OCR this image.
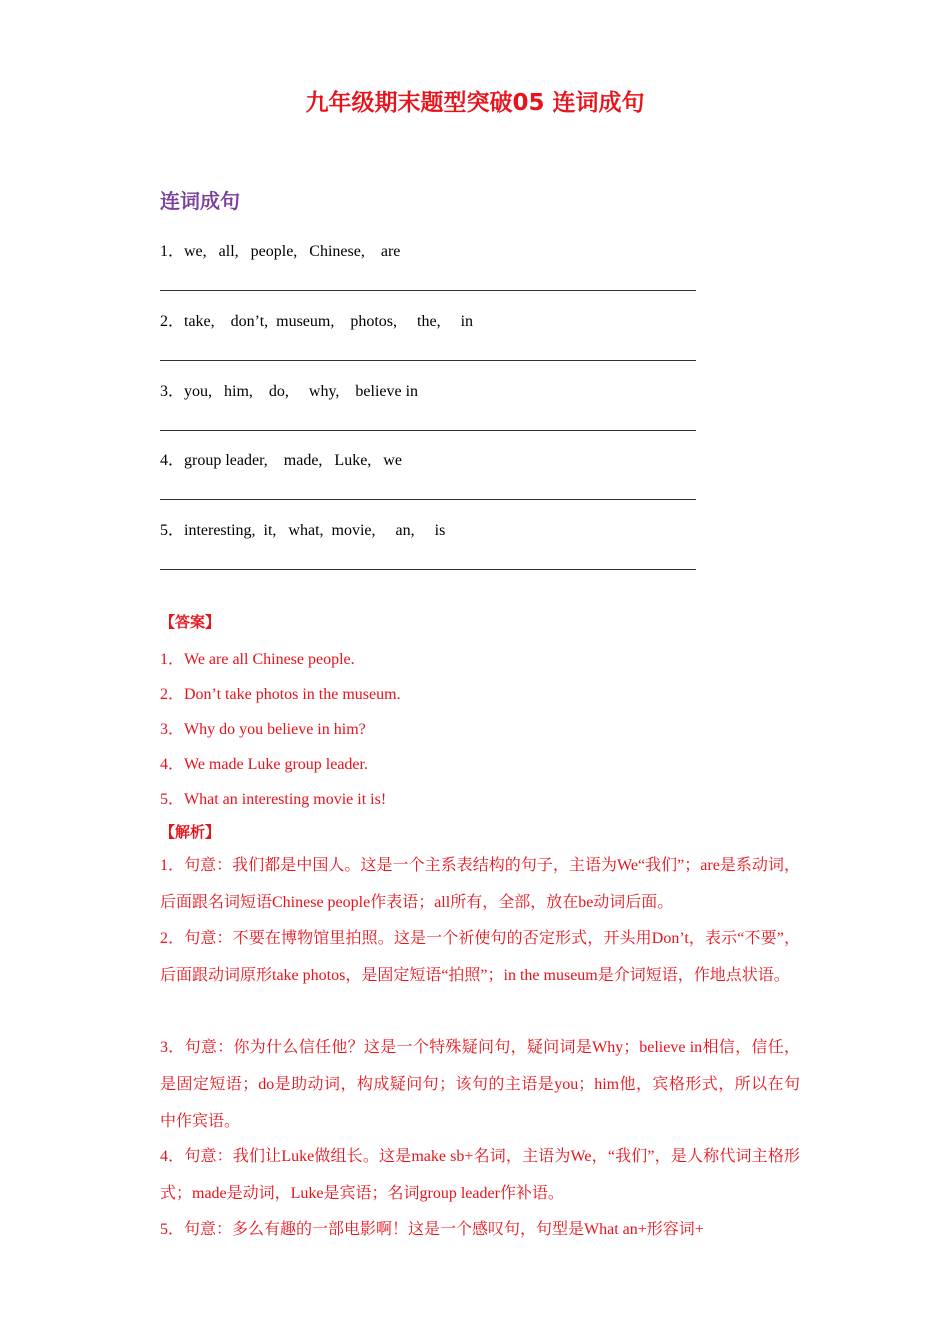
九年级期末题型突破05 连词成句
连词成句
1．we,   all,   people,   Chinese,    are
2．take,    don’t,  museum,    photos,     the,     in
3．you,   him,    do,     why,    believe in
4．group leader,    made,   Luke,   we
5．interesting,  it,   what,  movie,     an,     is
【答案】
1．We are all Chinese people.
2．Don’t take photos in the museum.
3．Why do you believe in him?
4．We made Luke group leader.
5．What an interesting movie it is!
【解析】
1．句意：我们都是中国人。这是一个主系表结构的句子，主语为We“我们”；are是系动词，后面跟名词短语Chinese people作表语；all所有，全部，放在be动词后面。
2．句意：不要在博物馆里拍照。这是一个祈使句的否定形式，开头用Don’t，表示“不要”，后面跟动词原形take photos，是固定短语“拍照”；in the museum是介词短语，作地点状语。
3．句意：你为什么信任他？这是一个特殊疑问句，疑问词是Why；believe in相信，信任，是固定短语；do是助动词，构成疑问句；该句的主语是you；him他，宾格形式，所以在句中作宾语。
4．句意：我们让Luke做组长。这是make sb+名词，主语为We，“我们”，是人称代词主格形式；made是动词，Luke是宾语；名词group leader作补语。
5．句意：多么有趣的一部电影啊！这是一个感叹句，句型是What an+形容词+
